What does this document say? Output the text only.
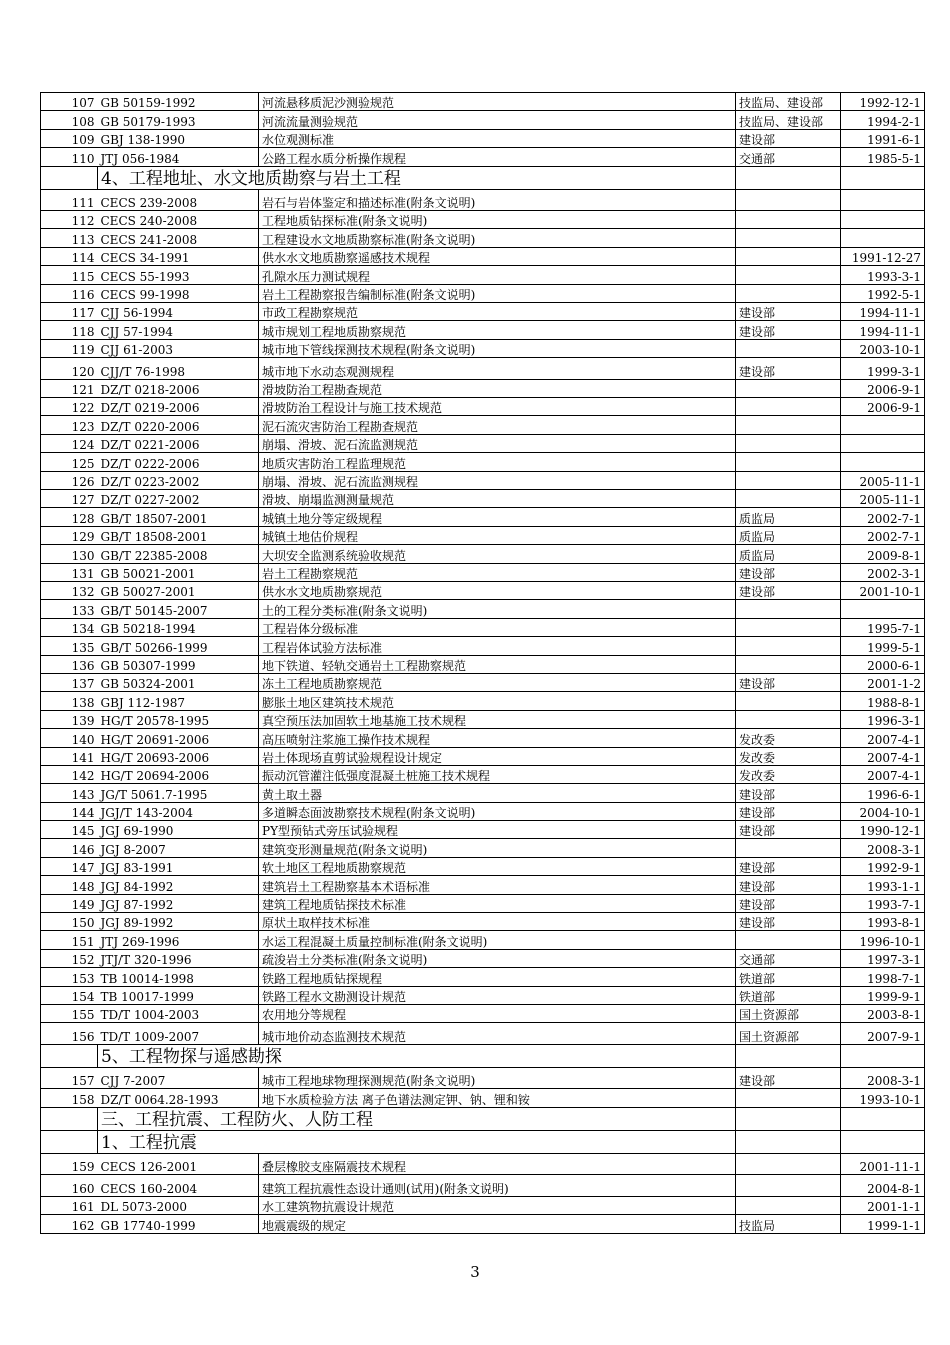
107	GB 50159-1992	河流悬移质泥沙测验规范	技监局、建设部	1992-12-1
108	GB 50179-1993	河流流量测验规范	技监局、建设部	1994-2-1
109	GBJ 138-1990	水位观测标准	建设部	1991-6-1
110	JTJ 056-1984	公路工程水质分析操作规程	交通部	1985-5-1
	4、工程地址、水文地质勘察与岩土工程			
111	CECS 239-2008	岩石与岩体鉴定和描述标准(附条文说明)		
112	CECS 240-2008	工程地质钻探标准(附条文说明)		
113	CECS 241-2008	工程建设水文地质勘察标准(附条文说明)		
114	CECS 34-1991	供水水文地质勘察遥感技术规程		1991-12-27
115	CECS 55-1993	孔隙水压力测试规程		1993-3-1
116	CECS 99-1998	岩土工程勘察报告编制标准(附条文说明)		1992-5-1
117	CJJ 56-1994	市政工程勘察规范	建设部	1994-11-1
118	CJJ 57-1994	城市规划工程地质勘察规范	建设部	1994-11-1
119	CJJ 61-2003	城市地下管线探测技术规程(附条文说明)		2003-10-1
120	CJJ/T 76-1998	城市地下水动态观测规程	建设部	1999-3-1
121	DZ/T 0218-2006	滑坡防治工程勘查规范		2006-9-1
122	DZ/T 0219-2006	滑坡防治工程设计与施工技术规范		2006-9-1
123	DZ/T 0220-2006	泥石流灾害防治工程勘查规范		
124	DZ/T 0221-2006	崩塌、滑坡、泥石流监测规范		
125	DZ/T 0222-2006	地质灾害防治工程监理规范		
126	DZ/T 0223-2002	崩塌、滑坡、泥石流监测规程		2005-11-1
127	DZ/T 0227-2002	滑坡、崩塌监测测量规范		2005-11-1
128	GB/T 18507-2001	城镇土地分等定级规程	质监局	2002-7-1
129	GB/T 18508-2001	城镇土地估价规程	质监局	2002-7-1
130	GB/T 22385-2008	大坝安全监测系统验收规范	质监局	2009-8-1
131	GB 50021-2001	岩土工程勘察规范	建设部	2002-3-1
132	GB 50027-2001	供水水文地质勘察规范	建设部	2001-10-1
133	GB/T 50145-2007	土的工程分类标准(附条文说明)		
134	GB 50218-1994	工程岩体分级标准		1995-7-1
135	GB/T 50266-1999	工程岩体试验方法标准		1999-5-1
136	GB 50307-1999	地下铁道、轻轨交通岩土工程勘察规范		2000-6-1
137	GB 50324-2001	冻土工程地质勘察规范	建设部	2001-1-2
138	GBJ 112-1987	膨胀土地区建筑技术规范		1988-8-1
139	HG/T 20578-1995	真空预压法加固软土地基施工技术规程		1996-3-1
140	HG/T 20691-2006	高压喷射注浆施工操作技术规程	发改委	2007-4-1
141	HG/T 20693-2006	岩土体现场直剪试验规程设计规定	发改委	2007-4-1
142	HG/T 20694-2006	振动沉管灌注低强度混凝土桩施工技术规程	发改委	2007-4-1
143	JG/T 5061.7-1995	黄土取土器	建设部	1996-6-1
144	JGJ/T 143-2004	多道瞬态面波勘察技术规程(附条文说明)	建设部	2004-10-1
145	JGJ 69-1990	PY型预钻式旁压试验规程	建设部	1990-12-1
146	JGJ 8-2007	建筑变形测量规范(附条文说明)		2008-3-1
147	JGJ 83-1991	软土地区工程地质勘察规范	建设部	1992-9-1
148	JGJ 84-1992	建筑岩土工程勘察基本术语标准	建设部	1993-1-1
149	JGJ 87-1992	建筑工程地质钻探技术标准	建设部	1993-7-1
150	JGJ 89-1992	原状土取样技术标准	建设部	1993-8-1
151	JTJ 269-1996	水运工程混凝土质量控制标准(附条文说明)		1996-10-1
152	JTJ/T 320-1996	疏浚岩土分类标准(附条文说明)	交通部	1997-3-1
153	TB 10014-1998	铁路工程地质钻探规程	铁道部	1998-7-1
154	TB 10017-1999	铁路工程水文勘测设计规范	铁道部	1999-9-1
155	TD/T 1004-2003	农用地分等规程	国土资源部	2003-8-1
156	TD/T 1009-2007	城市地价动态监测技术规范	国土资源部	2007-9-1
	5、工程物探与遥感勘探			
157	CJJ 7-2007	城市工程地球物理探测规范(附条文说明)	建设部	2008-3-1
158	DZ/T 0064.28-1993	地下水质检验方法 离子色谱法测定钾、钠、锂和铵		1993-10-1
	三、工程抗震、工程防火、人防工程			
	1、工程抗震			
159	CECS 126-2001	叠层橡胶支座隔震技术规程		2001-11-1
160	CECS 160-2004	建筑工程抗震性态设计通则(试用)(附条文说明)		2004-8-1
161	DL 5073-2000	水工建筑物抗震设计规范		2001-1-1
162	GB 17740-1999	地震震级的规定	技监局	1999-1-1
3
